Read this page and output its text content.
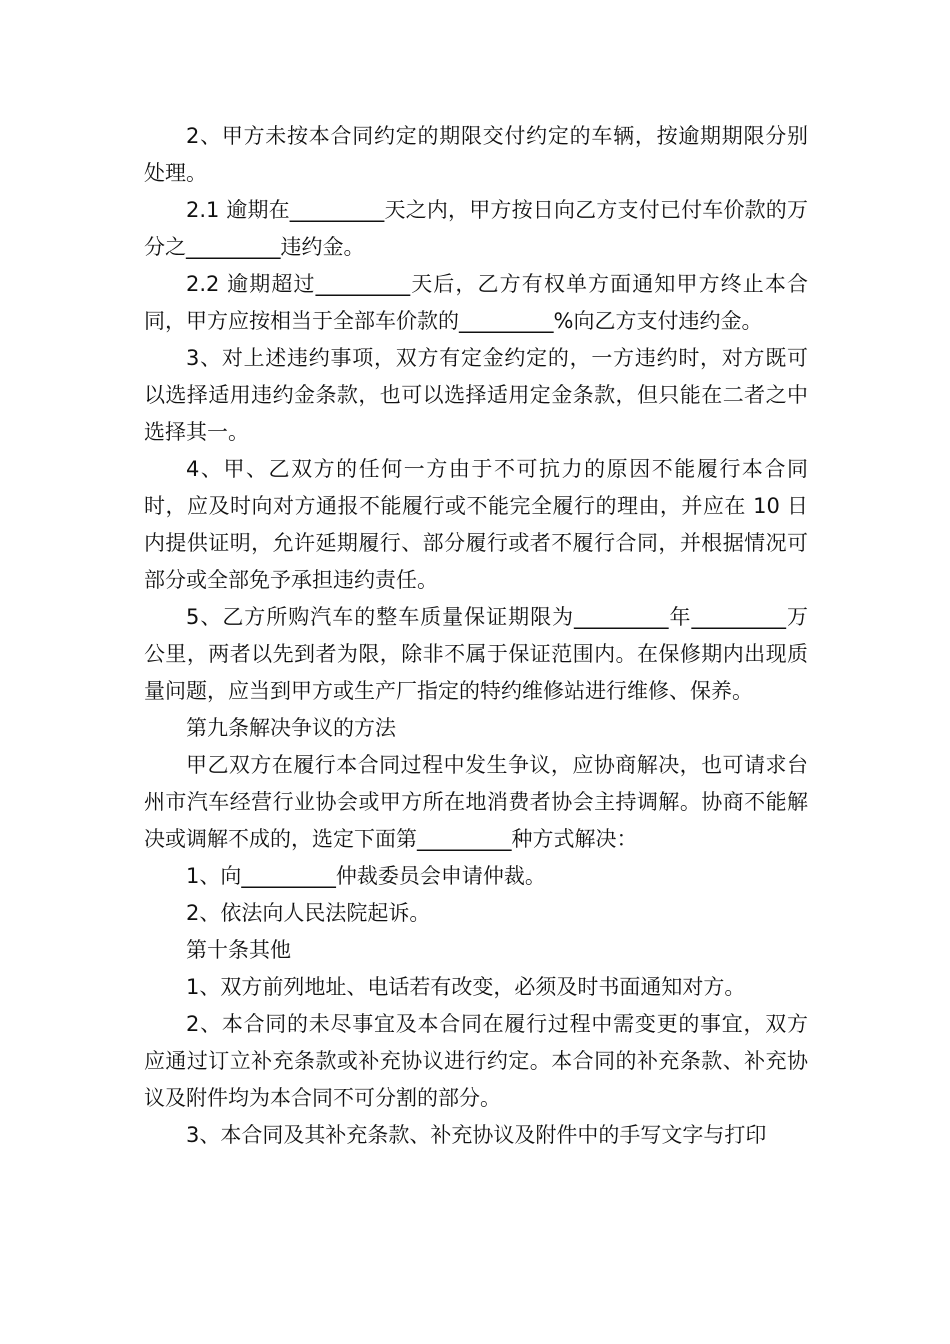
2、甲方未按本合同约定的期限交付约定的车辆，按逾期期限分别处理。

2.1 逾期在_________天之内，甲方按日向乙方支付已付车价款的万分之_________违约金。

2.2 逾期超过_________天后，乙方有权单方面通知甲方终止本合同，甲方应按相当于全部车价款的_________%向乙方支付违约金。

3、对上述违约事项，双方有定金约定的，一方违约时，对方既可以选择适用违约金条款，也可以选择适用定金条款，但只能在二者之中选择其一。

4、甲、乙双方的任何一方由于不可抗力的原因不能履行本合同时，应及时向对方通报不能履行或不能完全履行的理由，并应在 10 日内提供证明，允许延期履行、部分履行或者不履行合同，并根据情况可部分或全部免予承担违约责任。

5、乙方所购汽车的整车质量保证期限为_________年_________万公里，两者以先到者为限，除非不属于保证范围内。在保修期内出现质量问题，应当到甲方或生产厂指定的特约维修站进行维修、保养。

第九条解决争议的方法

甲乙双方在履行本合同过程中发生争议，应协商解决，也可请求台州市汽车经营行业协会或甲方所在地消费者协会主持调解。协商不能解决或调解不成的，选定下面第_________种方式解决：

1、向_________仲裁委员会申请仲裁。

2、依法向人民法院起诉。

第十条其他

1、双方前列地址、电话若有改变，必须及时书面通知对方。

2、本合同的未尽事宜及本合同在履行过程中需变更的事宜，双方应通过订立补充条款或补充协议进行约定。本合同的补充条款、补充协议及附件均为本合同不可分割的部分。

3、本合同及其补充条款、补充协议及附件中的手写文字与打印
